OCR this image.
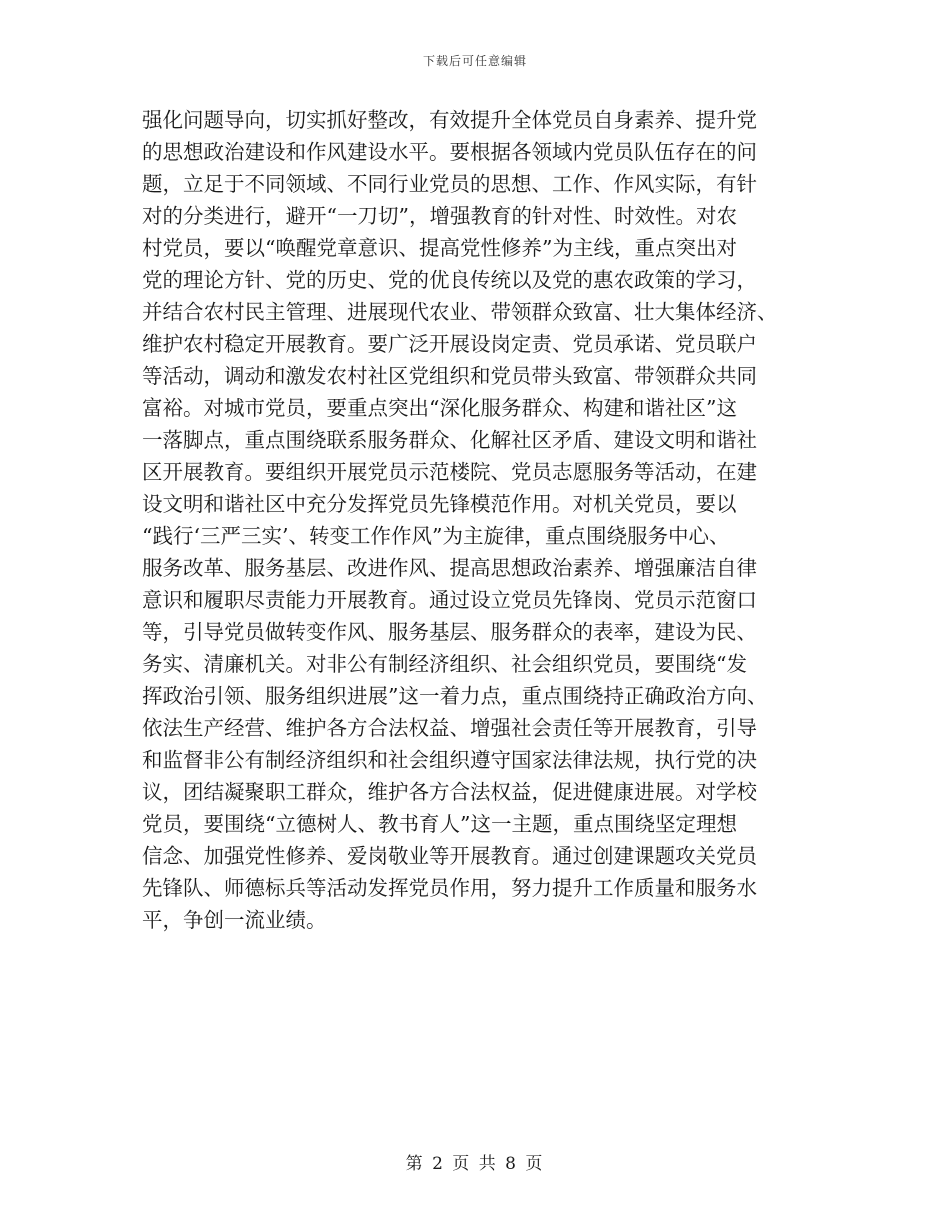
下载后可任意编辑
强化问题导向，切实抓好整改，有效提升全体党员自身素养、提升党
的思想政治建设和作风建设水平。要根据各领域内党员队伍存在的问
题，立足于不同领域、不同行业党员的思想、工作、作风实际，有针
对的分类进行，避开“一刀切”，增强教育的针对性、时效性。对农
村党员，要以“唤醒党章意识、提高党性修养”为主线，重点突出对
党的理论方针、党的历史、党的优良传统以及党的惠农政策的学习，
并结合农村民主管理、进展现代农业、带领群众致富、壮大集体经济、
维护农村稳定开展教育。要广泛开展设岗定责、党员承诺、党员联户
等活动，调动和激发农村社区党组织和党员带头致富、带领群众共同
富裕。对城市党员，要重点突出“深化服务群众、构建和谐社区”这
一落脚点，重点围绕联系服务群众、化解社区矛盾、建设文明和谐社
区开展教育。要组织开展党员示范楼院、党员志愿服务等活动，在建
设文明和谐社区中充分发挥党员先锋模范作用。对机关党员，要以
“践行‘三严三实’、转变工作作风”为主旋律，重点围绕服务中心、
服务改革、服务基层、改进作风、提高思想政治素养、增强廉洁自律
意识和履职尽责能力开展教育。通过设立党员先锋岗、党员示范窗口
等，引导党员做转变作风、服务基层、服务群众的表率，建设为民、
务实、清廉机关。对非公有制经济组织、社会组织党员，要围绕“发
挥政治引领、服务组织进展”这一着力点，重点围绕持正确政治方向、
依法生产经营、维护各方合法权益、增强社会责任等开展教育，引导
和监督非公有制经济组织和社会组织遵守国家法律法规，执行党的决
议，团结凝聚职工群众，维护各方合法权益，促进健康进展。对学校
党员，要围绕“立德树人、教书育人”这一主题，重点围绕坚定理想
信念、加强党性修养、爱岗敬业等开展教育。通过创建课题攻关党员
先锋队、师德标兵等活动发挥党员作用，努力提升工作质量和服务水
平，争创一流业绩。
第 2 页 共 8 页
